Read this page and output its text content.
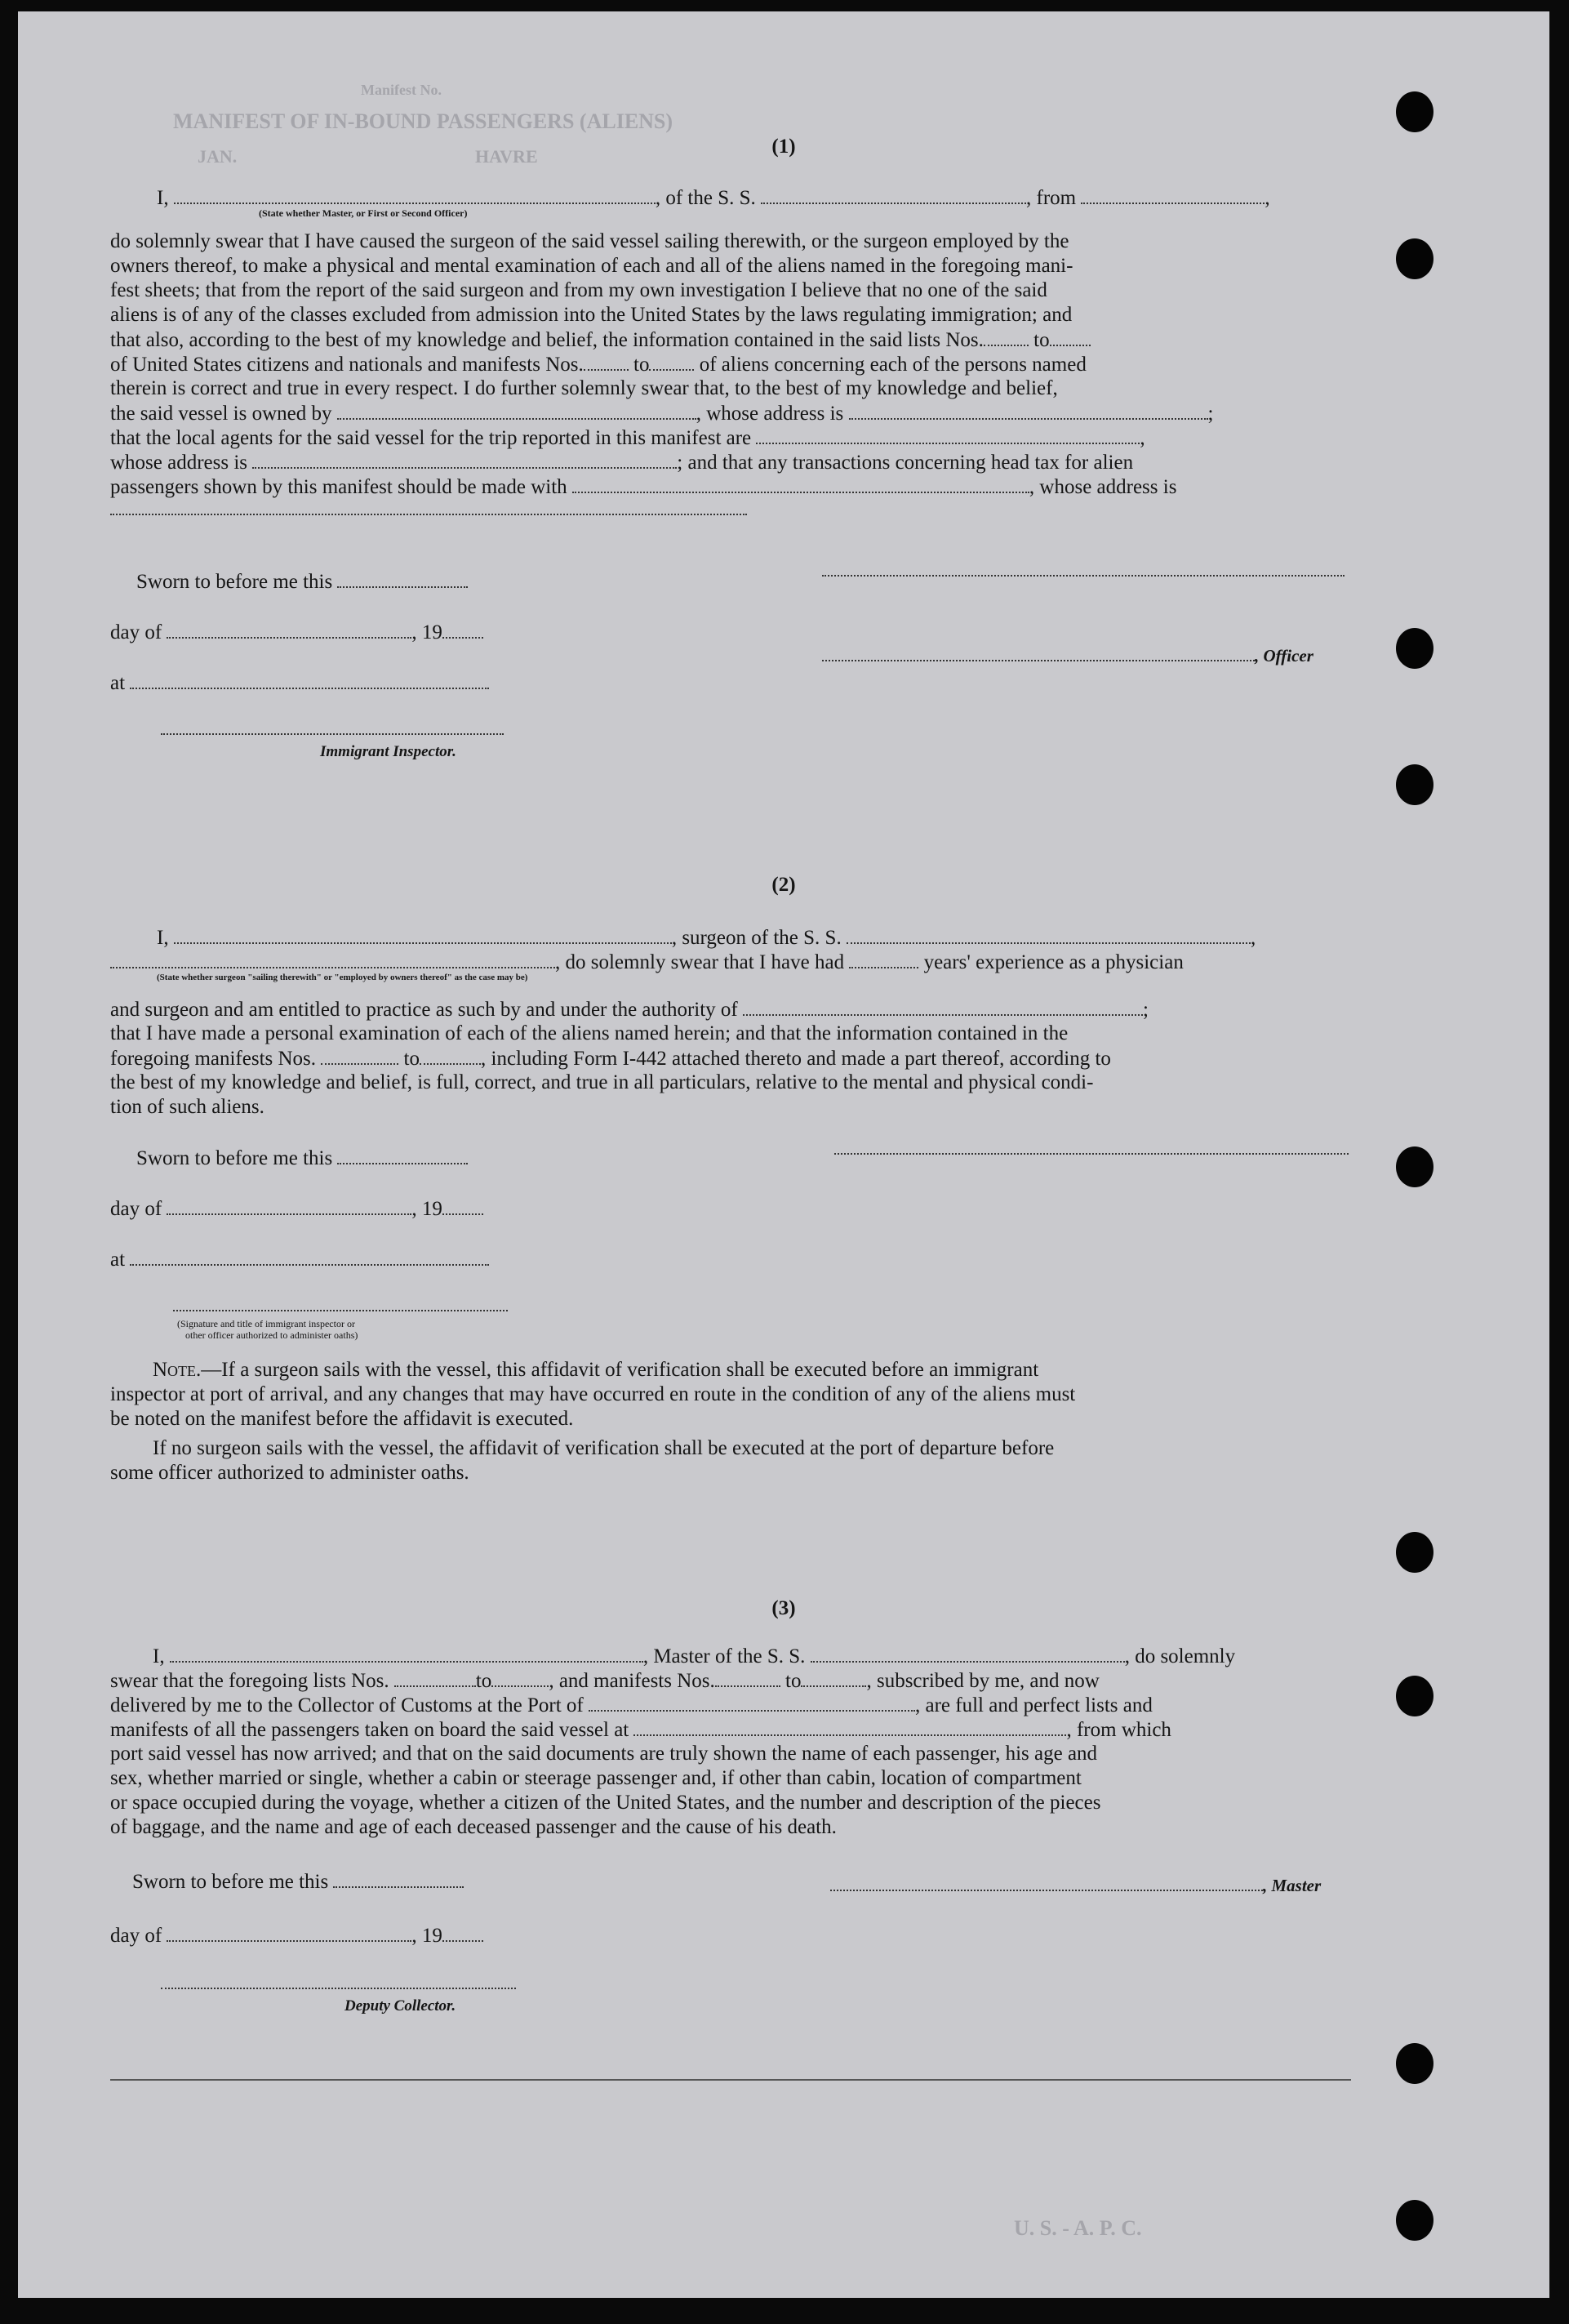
MANIFEST OF IN-BOUND PASSENGERS (ALIENS)
JAN.	HAVRE
Manifest No.
(1)
I,	, of the S. S.	, from	,
(State whether Master, or First or Second Officer)
do solemnly swear that I have caused the surgeon of the said vessel sailing therewith, or the surgeon employed by the
owners thereof, to make a physical and mental examination of each and all of the aliens named in the foregoing mani-
fest sheets; that from the report of the said surgeon and from my own investigation I believe that no one of the said
aliens is of any of the classes excluded from admission into the United States by the laws regulating immigration; and
that also, according to the best of my knowledge and belief, the information contained in the said lists Nos. to
of United States citizens and nationals and manifests Nos. to of aliens concerning each of the persons named
therein is correct and true in every respect. I do further solemnly swear that, to the best of my knowledge and belief,
the said vessel is owned by	, whose address is	;
that the local agents for the said vessel for the trip reported in this manifest are	,
whose address is	; and that any transactions concerning head tax for alien
passengers shown by this manifest should be made with	, whose address is
Sworn to before me this
day of	, 19
, Officer
at
Immigrant Inspector.
(2)
I,	, surgeon of the S. S.	,
, do solemnly swear that I have had	years' experience as a physician
(State whether surgeon "sailing therewith" or "employed by owners thereof" as the case may be)
and surgeon and am entitled to practice as such by and under the authority of	;
that I have made a personal examination of each of the aliens named herein; and that the information contained in the
foregoing manifests Nos.	to	, including Form I-442 attached thereto and made a part thereof, according to
the best of my knowledge and belief, is full, correct, and true in all particulars, relative to the mental and physical condi-
tion of such aliens.
Sworn to before me this
day of	, 19
at
(Signature and title of immigrant inspector or
other officer authorized to administer oaths)
Note.—If a surgeon sails with the vessel, this affidavit of verification shall be executed before an immigrant
inspector at port of arrival, and any changes that may have occurred en route in the condition of any of the aliens must
be noted on the manifest before the affidavit is executed.
If no surgeon sails with the vessel, the affidavit of verification shall be executed at the port of departure before
some officer authorized to administer oaths.
(3)
I,	, Master of the S. S.	, do solemnly
swear that the foregoing lists Nos.	to	, and manifests Nos.	to	, subscribed by me, and now
delivered by me to the Collector of Customs at the Port of	, are full and perfect lists and
manifests of all the passengers taken on board the said vessel at	, from which
port said vessel has now arrived; and that on the said documents are truly shown the name of each passenger, his age and
sex, whether married or single, whether a cabin or steerage passenger and, if other than cabin, location of compartment
or space occupied during the voyage, whether a citizen of the United States, and the number and description of the pieces
of baggage, and the name and age of each deceased passenger and the cause of his death.
Sworn to before me this	, Master
day of	, 19
Deputy Collector.
U. S. - A. P. C.
